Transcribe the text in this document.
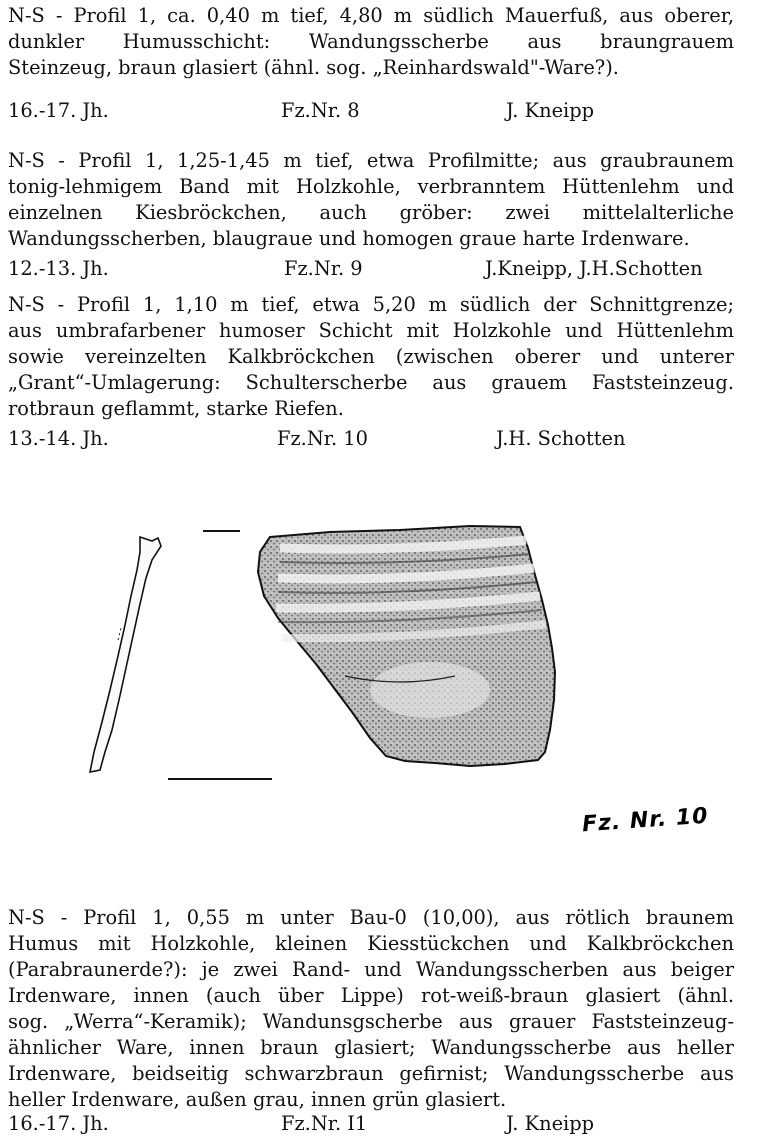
N-S - Profil 1, ca. 0,40 m tief, 4,80 m südlich Mauerfuß, aus oberer,
dunkler Humusschicht: Wandungsscherbe aus braungrauem
Steinzeug, braun glasiert (ähnl. sog. „Reinhardswald"-Ware?).
16.-17. Jh.	Fz.Nr. 8	J. Kneipp
N-S - Profil 1, 1,25-1,45 m tief, etwa Profilmitte; aus graubraunem
tonig-lehmigem Band mit Holzkohle, verbranntem Hüttenlehm und
einzelnen Kiesbröckchen, auch gröber: zwei mittelalterliche
Wandungsscherben, blaugraue und homogen graue harte Irdenware.
12.-13. Jh.	Fz.Nr. 9	J.Kneipp, J.H.Schotten
N-S - Profil 1, 1,10 m tief, etwa 5,20 m südlich der Schnittgrenze;
aus umbrafarbener humoser Schicht mit Holzkohle und Hüttenlehm
sowie vereinzelten Kalkbröckchen (zwischen oberer und unterer
„Grant“-Umlagerung: Schulterscherbe aus grauem Faststeinzeug.
rotbraun geflammt, starke Riefen.
13.-14. Jh.	Fz.Nr. 10	J.H. Schotten
Fz. Nr. 10
N-S - Profil 1, 0,55 m unter Bau-0 (10,00), aus rötlich braunem
Humus mit Holzkohle, kleinen Kiesstückchen und Kalkbröckchen
(Parabraunerde?): je zwei Rand- und Wandungsscherben aus beiger
Irdenware, innen (auch über Lippe) rot-weiß-braun glasiert (ähnl.
sog. „Werra“-Keramik); Wandunsgscherbe aus grauer Faststeinzeug-
ähnlicher Ware, innen braun glasiert; Wandungsscherbe aus heller
Irdenware, beidseitig schwarzbraun gefirnist; Wandungsscherbe aus
heller Irdenware, außen grau, innen grün glasiert.
16.-17. Jh.	Fz.Nr. I1	J. Kneipp
